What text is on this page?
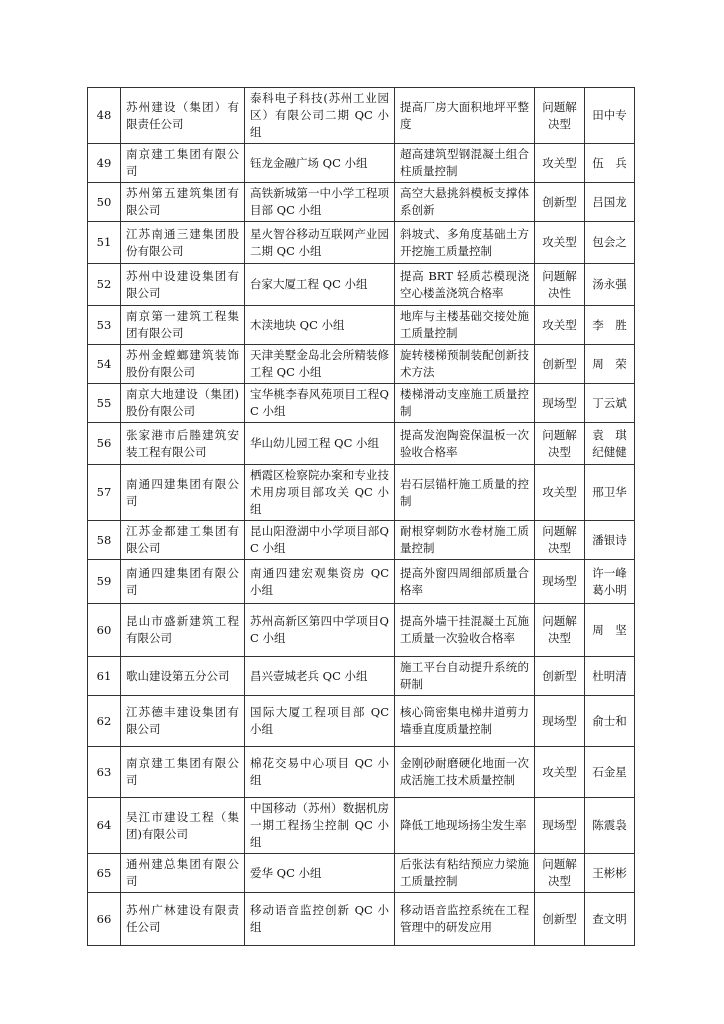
48	苏州建设（集团）有限责任公司	泰科电子科技(苏州工业园区）有限公司二期 QC 小组	提高厂房大面积地坪平整度	问题解决型	田中专
49	南京建工集团有限公司	钰龙金融广场 QC 小组	超高建筑型钢混凝土组合柱质量控制	攻关型	伍　兵
50	苏州第五建筑集团有限公司	高铁新城第一中小学工程项目部 QC 小组	高空大悬挑斜模板支撑体系创新	创新型	吕国龙
51	江苏南通三建集团股份有限公司	星火智谷移动互联网产业园二期 QC 小组	斜坡式、多角度基础土方开挖施工质量控制	攻关型	包会之
52	苏州中设建设集团有限公司	台家大厦工程 QC 小组	提高 BRT 轻质芯模现浇空心楼盖浇筑合格率	问题解决性	汤永强
53	南京第一建筑工程集团有限公司	木渎地块 QC 小组	地库与主楼基础交接处施工质量控制	攻关型	李　胜
54	苏州金螳螂建筑装饰股份有限公司	天津美墅金岛北会所精装修工程 QC 小组	旋转楼梯预制装配创新技术方法	创新型	周　荣
55	南京大地建设（集团)股份有限公司	宝华桃李春风苑项目工程QC 小组	楼梯滑动支座施工质量控制	现场型	丁云斌
56	张家港市后塍建筑安装工程有限公司	华山幼儿园工程 QC 小组	提高发泡陶瓷保温板一次验收合格率	问题解决型	袁　琪
纪健健
57	南通四建集团有限公司	栖霞区检察院办案和专业技术用房项目部攻关 QC 小组	岩石层锚杆施工质量的控制	攻关型	邢卫华
58	江苏金都建工集团有限公司	昆山阳澄湖中小学项目部QC 小组	耐根穿刺防水卷材施工质量控制	问题解决型	潘银诗
59	南通四建集团有限公司	南通四建宏观集资房 QC 小组	提高外窗四周细部质量合格率	现场型	许一峰
葛小明
60	昆山市盛新建筑工程有限公司	苏州高新区第四中学项目QC 小组	提高外墙干挂混凝土瓦施工质量一次验收合格率	问题解决型	周　坚
61	歌山建设第五分公司	昌兴壹城老兵 QC 小组	施工平台自动提升系统的研制	创新型	杜明清
62	江苏德丰建设集团有限公司	国际大厦工程项目部 QC 小组	核心筒密集电梯井道剪力墙垂直度质量控制	现场型	俞士和
63	南京建工集团有限公司	棉花交易中心项目 QC 小组	金刚砂耐磨硬化地面一次成活施工技术质量控制	攻关型	石金星
64	吴江市建设工程（集团)有限公司	中国移动（苏州）数据机房一期工程扬尘控制 QC 小组	降低工地现场扬尘发生率	现场型	陈震袅
65	通州建总集团有限公司	爱华 QC 小组	后张法有粘结预应力梁施工质量控制	问题解决型	王彬彬
66	苏州广林建设有限责任公司	移动语音监控创新 QC 小组	移动语音监控系统在工程管理中的研发应用	创新型	查文明
